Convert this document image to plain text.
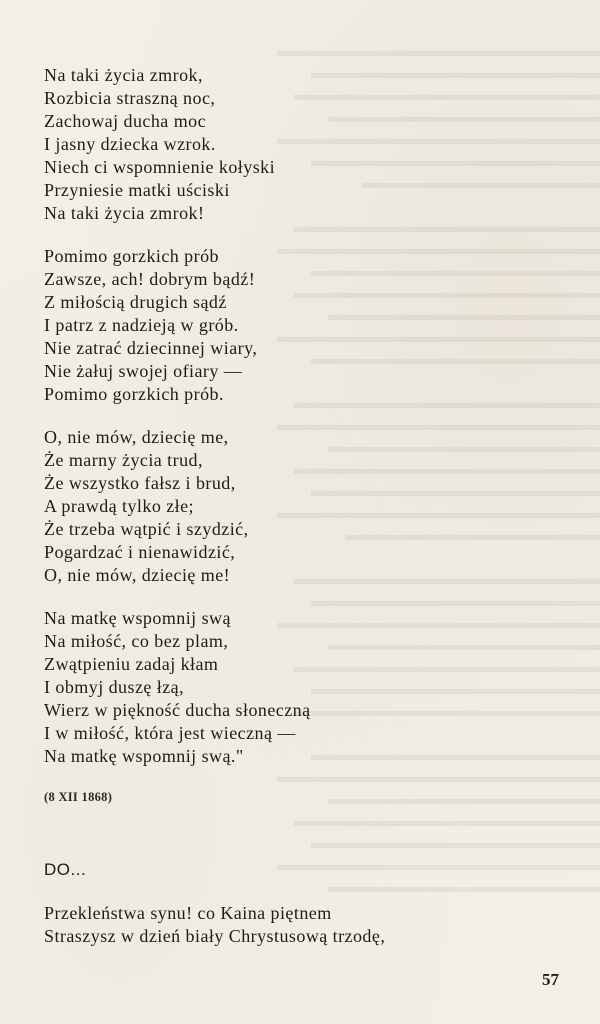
▬▬▬▬▬▬▬▬▬▬▬▬▬▬▬▬▬▬▬
▬▬▬▬▬▬▬▬▬▬▬▬▬▬▬▬▬
▬▬▬▬▬▬▬▬▬▬▬▬▬▬▬▬▬▬
▬▬▬▬▬▬▬▬▬▬▬▬▬▬▬▬
▬▬▬▬▬▬▬▬▬▬▬▬▬▬▬▬▬▬▬
▬▬▬▬▬▬▬▬▬▬▬▬▬▬▬▬▬
▬▬▬▬▬▬▬▬▬▬▬▬▬▬

▬▬▬▬▬▬▬▬▬▬▬▬▬▬▬▬▬▬
▬▬▬▬▬▬▬▬▬▬▬▬▬▬▬▬▬▬▬
▬▬▬▬▬▬▬▬▬▬▬▬▬▬▬▬▬
▬▬▬▬▬▬▬▬▬▬▬▬▬▬▬▬▬▬
▬▬▬▬▬▬▬▬▬▬▬▬▬▬▬▬
▬▬▬▬▬▬▬▬▬▬▬▬▬▬▬▬▬▬▬
▬▬▬▬▬▬▬▬▬▬▬▬▬▬▬▬▬

▬▬▬▬▬▬▬▬▬▬▬▬▬▬▬▬▬▬
▬▬▬▬▬▬▬▬▬▬▬▬▬▬▬▬▬▬▬
▬▬▬▬▬▬▬▬▬▬▬▬▬▬▬▬
▬▬▬▬▬▬▬▬▬▬▬▬▬▬▬▬▬▬
▬▬▬▬▬▬▬▬▬▬▬▬▬▬▬▬▬
▬▬▬▬▬▬▬▬▬▬▬▬▬▬▬▬▬▬▬
▬▬▬▬▬▬▬▬▬▬▬▬▬▬▬

▬▬▬▬▬▬▬▬▬▬▬▬▬▬▬▬▬▬
▬▬▬▬▬▬▬▬▬▬▬▬▬▬▬▬▬
▬▬▬▬▬▬▬▬▬▬▬▬▬▬▬▬▬▬▬
▬▬▬▬▬▬▬▬▬▬▬▬▬▬▬▬
▬▬▬▬▬▬▬▬▬▬▬▬▬▬▬▬▬▬
▬▬▬▬▬▬▬▬▬▬▬▬▬▬▬▬▬
▬▬▬▬▬▬▬▬▬▬▬▬▬▬▬▬▬▬

▬▬▬▬▬▬▬▬▬▬▬▬▬▬▬▬▬
▬▬▬▬▬▬▬▬▬▬▬▬▬▬▬▬▬▬▬
▬▬▬▬▬▬▬▬▬▬▬▬▬▬▬▬
▬▬▬▬▬▬▬▬▬▬▬▬▬▬▬▬▬▬
▬▬▬▬▬▬▬▬▬▬▬▬▬▬▬▬▬
▬▬▬▬▬▬▬▬▬▬▬▬▬▬▬▬▬▬▬
▬▬▬▬▬▬▬▬▬▬▬▬▬▬▬▬
Na taki życia zmrok,
Rozbicia straszną noc,
Zachowaj ducha moc
I jasny dziecka wzrok.
Niech ci wspomnienie kołyski
Przyniesie matki uściski
Na taki życia zmrok!
Pomimo gorzkich prób
Zawsze, ach! dobrym bądź!
Z miłością drugich sądź
I patrz z nadzieją w grób.
Nie zatrać dziecinnej wiary,
Nie żałuj swojej ofiary —
Pomimo gorzkich prób.
O, nie mów, dziecię me,
Że marny życia trud,
Że wszystko fałsz i brud,
A prawdą tylko złe;
Że trzeba wątpić i szydzić,
Pogardzać i nienawidzić,
O, nie mów, dziecię me!
Na matkę wspomnij swą
Na miłość, co bez plam,
Zwątpieniu zadaj kłam
I obmyj duszę łzą,
Wierz w piękność ducha słoneczną
I w miłość, która jest wieczną —
Na matkę wspomnij swą."
(8 XII 1868)
DO...
Przekleństwa synu! co Kaina piętnem
Straszysz w dzień biały Chrystusową trzodę,
57
